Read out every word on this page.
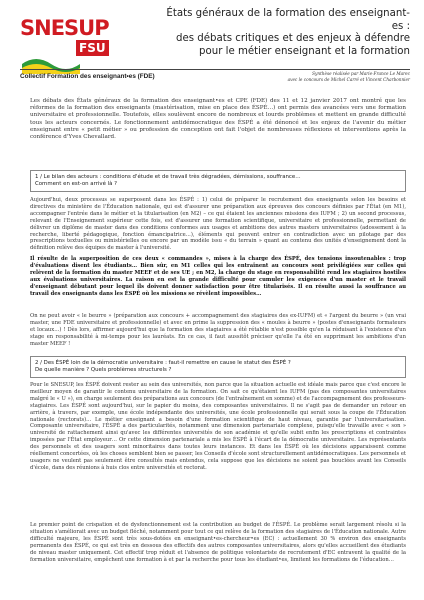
SNESUP
FSU
États généraux de la formation des enseignant-es :
des débats critiques et des enjeux à défendre
pour le métier enseignant et la formation
Collectif Formation des enseignant•es (FDE)	Synthèse réalisée par Marie-France Le Marec
avec le concours de Michel Carré et Vincent Charbonnier
Les débats des États généraux de la formation des enseignant•es et CPE (FDE) des 11 et 12 janvier 2017 ont montré que les réformes de la formation des enseignants (mastérisation, mise en place des ÉSPÉ…) ont permis des avancées vers une formation universitaire et professionnelle. Toutefois, elles soulèvent encore de nombreux et lourds problèmes et mettent en grande difficulté tous les acteurs concernés. Le fonctionnement antidémocratique des ÉSPÉ a été dénoncé et les enjeux de l'avenir du métier enseignant entre « petit métier » ou profession de conception ont fait l'objet de nombreuses réflexions et interventions après la conférence d'Yves Chevallard.
1 / Le bilan des acteurs : conditions d'étude et de travail très dégradées, démissions, souffrance…
Comment en est-on arrivé là ?
Aujourd'hui, deux processus se superposent dans les ÉSPÉ : 1) celui de préparer le recrutement des enseignants selon les besoins et directives du ministère de l'Éducation nationale, qui est d'assurer une préparation aux épreuves des concours définies par l'État (en M1), accompagner l'entrée dans le métier et la titularisation (en M2) – ce qui étaient les anciennes missions des IUFM ; 2) un second processus, relevant de l'Enseignement supérieur cette fois, est d'assurer une formation scientifique, universitaire et professionnelle, permettant de délivrer un diplôme de master dans des conditions conformes aux usages et ambitions des autres masters universitaires (adossement à la recherche, liberté pédagogique, fonction émancipatrice…), éléments qui peuvent entrer en contradiction avec un pilotage par des prescriptions textuelles ou ministérielles ou encore par un modèle issu « du terrain » quant au contenu des unités d'enseignement dont la définition relève des équipes de master à l'université.
Il résulte de la superposition de ces deux « commandes », mises à la charge des ÉSPÉ, des tensions insoutenables : trop d'évaluations disent les étudiants… Bien sûr, en M1 celles qui les entraînent au concours sont privilégiées sur celles qui relèvent de la formation du master MEEF et de ses UE ; en M2, la charge du stage en responsabilité rend les stagiaires hostiles aux évaluations universitaires. La raison en est la grande difficulté pour cumuler les exigences d'un master et le travail d'enseignant débutant pour lequel ils doivent donner satisfaction pour être titularisés. Il en résulte aussi la souffrance au travail des enseignants dans les ÉSPÉ où les missions se révèlent impossibles…
On ne peut avoir « le beurre » (préparation aux concours + accompagnement des stagiaires des ex-IUFM) et « l'argent du beurre » (un vrai master, une FDE universitaire et professionnelle) et avec en prime la suppression des « moules à beurre » (postes d'enseignants formateurs et locaux…) ! Dès lors, affirmer aujourd'hui que la formation des stagiaires a été rétablie n'est possible qu'en la réduisant à l'existence d'un stage en responsabilité à mi-temps pour les lauréats. En ce cas, il faut aussitôt préciser qu'elle l'a été en supprimant les ambitions d'un master MEEF !
2 / Des ÉSPÉ loin de la démocratie universitaire : faut-il remettre en cause le statut des ÉSPÉ ?
De quelle manière ? Quels problèmes structurels ?
Pour le SNESUP, les ÉSPÉ doivent rester au sein des universités, non parce que la situation actuelle est idéale mais parce que c'est encore le meilleur moyen de garantir le contenu universitaire de la formation. On sait ce qu'étaient les IUFM (pas des composantes universitaires malgré le « U »), en charge seulement des préparations aux concours (de l'entraînement en somme) et de l'accompagnement des professeurs-stagiaires. Les ÉSPÉ sont aujourd'hui, sur le papier du moins, des composantes universitaires. Il ne s'agit pas de demander un retour en arrière, à travers, par exemple, une école indépendante des universités, une école professionnelle qui serait sous la coupe de l'Éducation nationale (rectorats)… Le métier enseignant a besoin d'une formation scientifique de haut niveau, garantie par l'universitarisation. Composante universitaire, l'ÉSPÉ a des particularités, notamment une dimension partenariale complexe, puisqu'elle travaille avec « son » université de rattachement ainsi qu'avec les différentes universités de son académie et qu'elle subit enfin les prescriptions et contraintes imposées par l'État employeur… Or cette dimension partenariale a mis les ÉSPÉ à l'écart de la démocratie universitaire. Les représentants des personnels et des usagers sont minoritaires dans toutes leurs instances. Et dans les ÉSPÉ où les décisions apparaissent comme réellement concertées, où les choses semblent bien se passer, les Conseils d'école sont structurellement antidémocratiques. Les personnels et usagers ne veulent pas seulement être consultés mais entendus, cela suppose que les décisions ne soient pas bouclées avant les Conseils d'école, dans des réunions à huis clos entre universités et rectorat.
Le premier point de crispation et de dysfonctionnement est la contribution au budget de l'ÉSPÉ. Le problème serait largement résolu si la situation s'améliorait avec un budget fléché, notamment pour tout ce qui relève de la formation des stagiaires de l'Éducation nationale. Autre difficulté majeure, les ÉSPÉ sont très sous-dotées en enseignant•es-chercheur•es (EC) : actuellement 30 % environ des enseignants permanents des ÉSPÉ, ce qui est très en dessous des effectifs des autres composantes universitaires, alors qu'elles accueillent des étudiants de niveau master uniquement. Cet effectif trop réduit et l'absence de politique volontariste de recrutement d'EC entravent la qualité de la formation universitaire, empêchent une formation à et par la recherche pour tous les étudiant•es, limitent les formations de l'éducation…
